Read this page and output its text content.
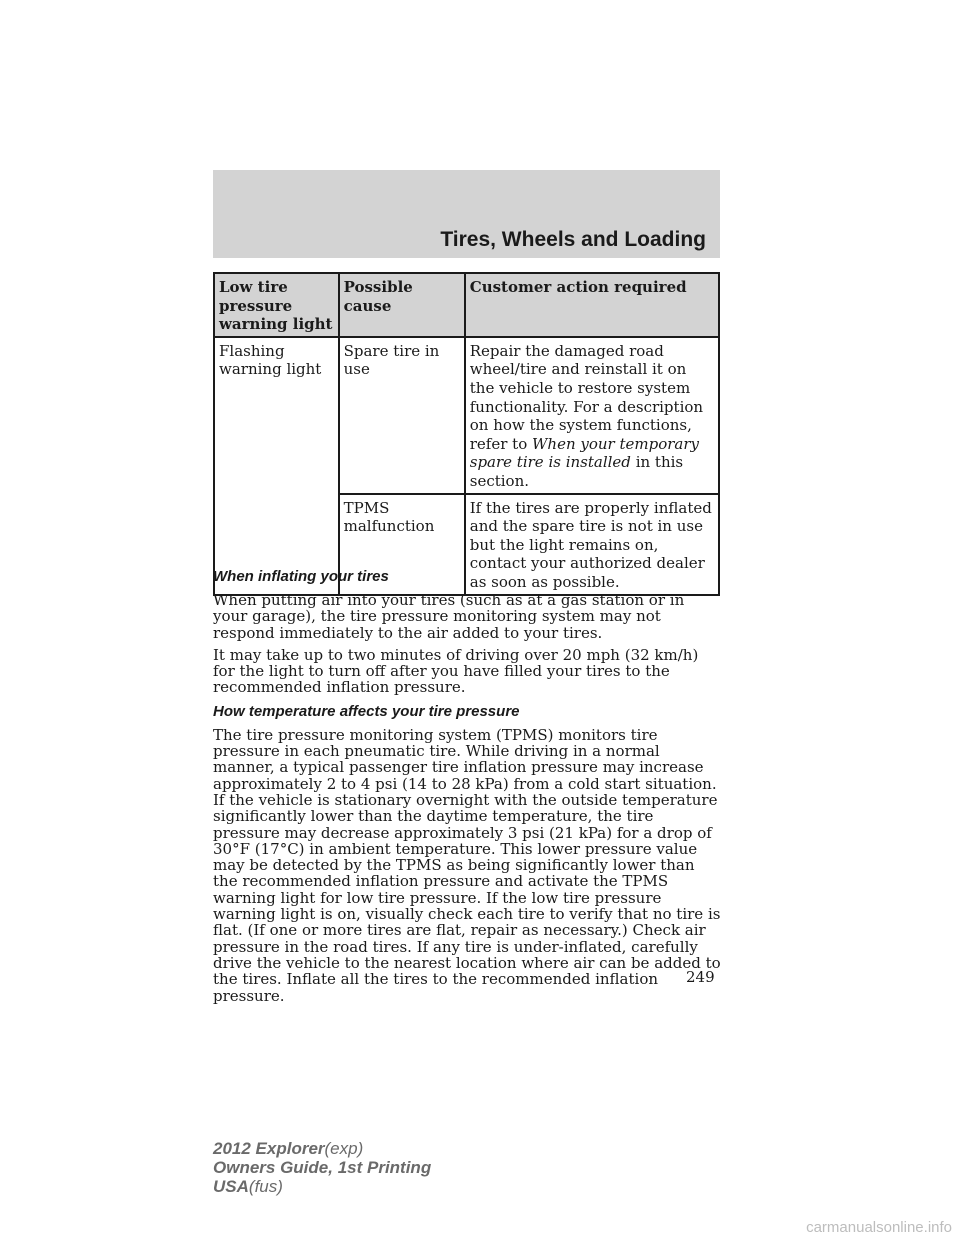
Tires, Wheels and Loading
Low tire pressure warning light	Possible cause	Customer action required
Flashing warning light	Spare tire in use	Repair the damaged road wheel/tire and reinstall it on the vehicle to restore system functionality. For a description on how the system functions, refer to When your temporary spare tire is installed in this section.
	TPMS malfunction	If the tires are properly inflated and the spare tire is not in use but the light remains on, contact your authorized dealer as soon as possible.
When inflating your tires

When putting air into your tires (such as at a gas station or in your garage), the tire pressure monitoring system may not respond immediately to the air added to your tires.

It may take up to two minutes of driving over 20 mph (32 km/h) for the light to turn off after you have filled your tires to the recommended inflation pressure.

How temperature affects your tire pressure

The tire pressure monitoring system (TPMS) monitors tire pressure in each pneumatic tire. While driving in a normal manner, a typical passenger tire inflation pressure may increase approximately 2 to 4 psi (14 to 28 kPa) from a cold start situation. If the vehicle is stationary overnight with the outside temperature significantly lower than the daytime temperature, the tire pressure may decrease approximately 3 psi (21 kPa) for a drop of 30°F (17°C) in ambient temperature. This lower pressure value may be detected by the TPMS as being significantly lower than the recommended inflation pressure and activate the TPMS warning light for low tire pressure. If the low tire pressure warning light is on, visually check each tire to verify that no tire is flat. (If one or more tires are flat, repair as necessary.) Check air pressure in the road tires. If any tire is under-inflated, carefully drive the vehicle to the nearest location where air can be added to the tires. Inflate all the tires to the recommended inflation pressure.

249
2012 Explorer(exp)
Owners Guide, 1st Printing
USA(fus)
carmanualsonline.info
